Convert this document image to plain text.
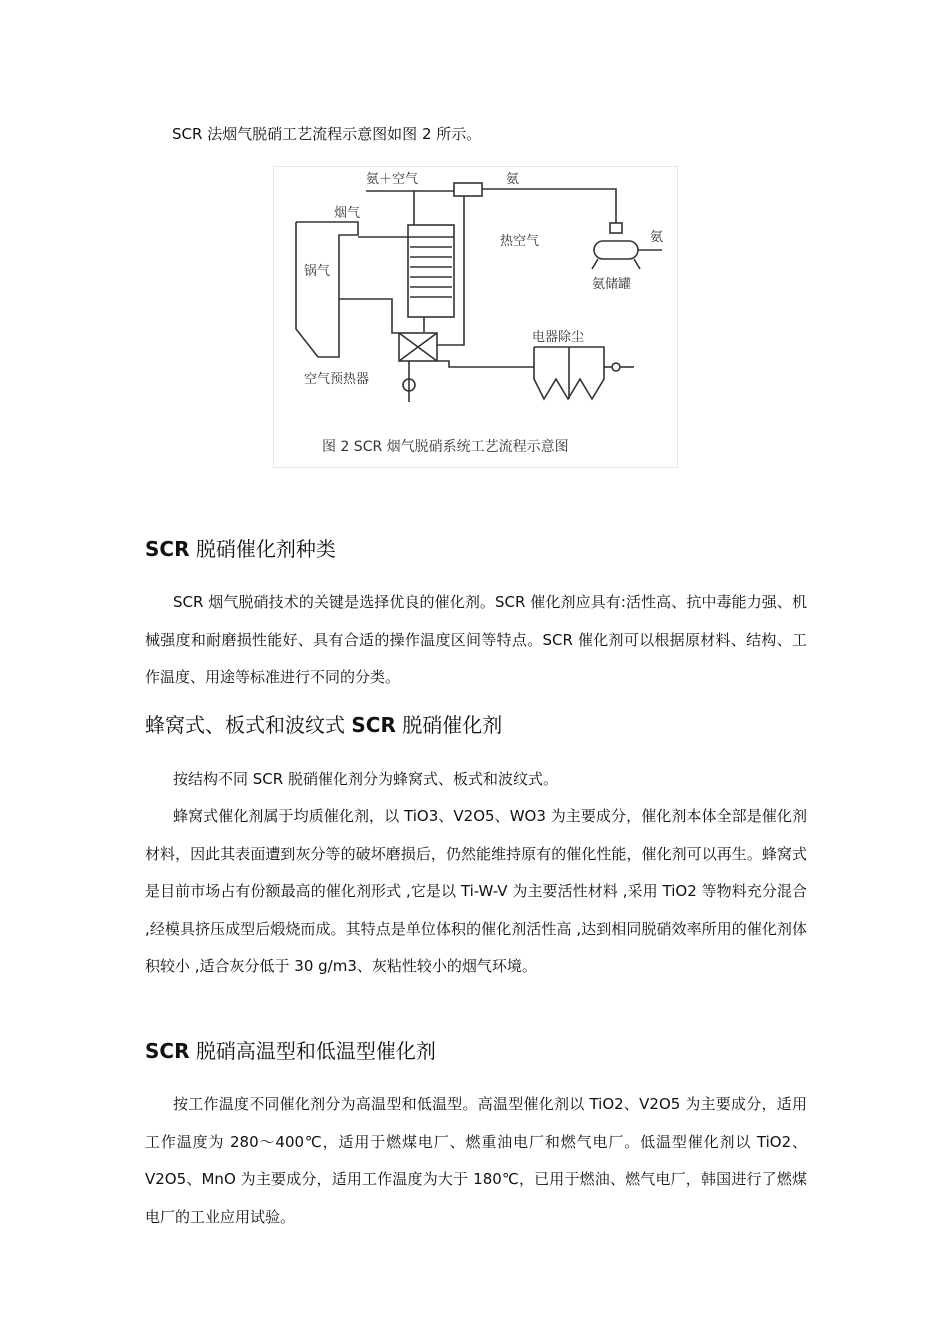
SCR 法烟气脱硝工艺流程示意图如图 2 所示。
氨＋空气	氨
烟气
热空气	氨
锅气
氨储罐
电器除尘
空气预热器
图 2 SCR 烟气脱硝系统工艺流程示意图
SCR 脱硝催化剂种类

SCR 烟气脱硝技术的关键是选择优良的催化剂。SCR 催化剂应具有:活性高、抗中毒能力强、机械强度和耐磨损性能好、具有合适的操作温度区间等特点。SCR 催化剂可以根据原材料、结构、工作温度、用途等标准进行不同的分类。

蜂窝式、板式和波纹式 SCR 脱硝催化剂

按结构不同 SCR 脱硝催化剂分为蜂窝式、板式和波纹式。

蜂窝式催化剂属于均质催化剂，以 TiO3、V2O5、WO3 为主要成分，催化剂本体全部是催化剂材料，因此其表面遭到灰分等的破坏磨损后，仍然能维持原有的催化性能，催化剂可以再生。蜂窝式是目前市场占有份额最高的催化剂形式 ,它是以 Ti-W-V 为主要活性材料 ,采用 TiO2 等物料充分混合 ,经模具挤压成型后煅烧而成。其特点是单位体积的催化剂活性高 ,达到相同脱硝效率所用的催化剂体积较小 ,适合灰分低于 30 g/m3、灰粘性较小的烟气环境。

SCR 脱硝高温型和低温型催化剂

按工作温度不同催化剂分为高温型和低温型。高温型催化剂以 TiO2、V2O5 为主要成分，适用工作温度为 280～400℃，适用于燃煤电厂、燃重油电厂和燃气电厂。低温型催化剂以 TiO2、V2O5、MnO 为主要成分，适用工作温度为大于 180℃，已用于燃油、燃气电厂，韩国进行了燃煤电厂的工业应用试验。
